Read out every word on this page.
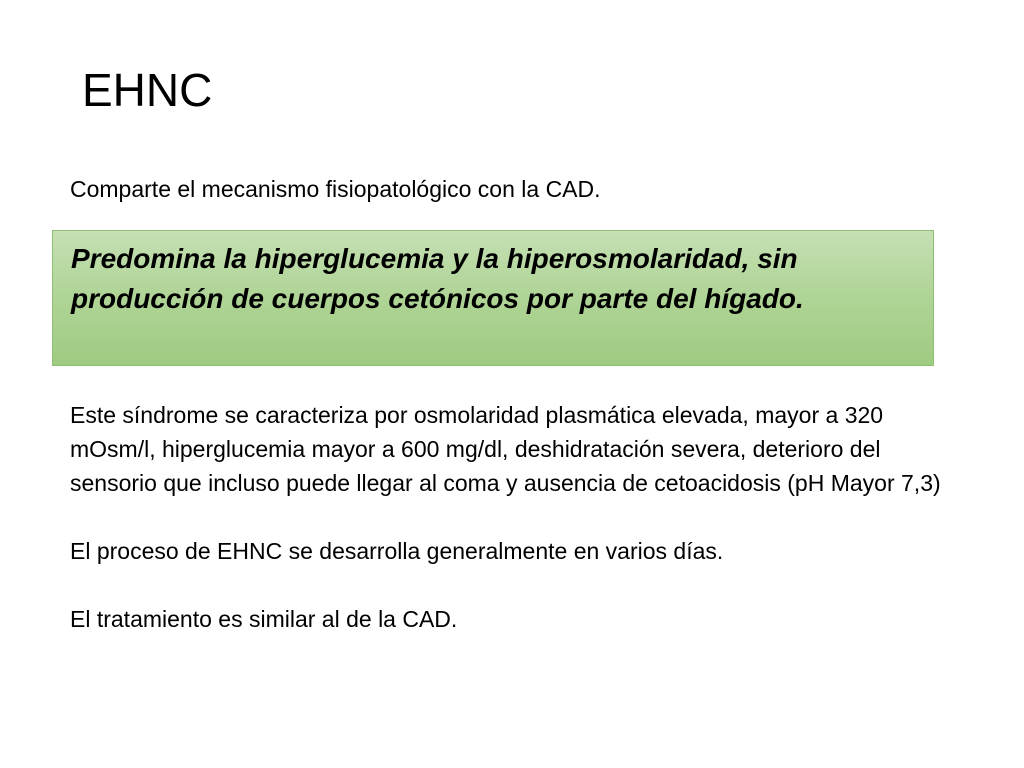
EHNC

Comparte el mecanismo fisiopatológico con la CAD.

Predomina la hiperglucemia y la hiperosmolaridad, sin producción de cuerpos cetónicos por parte del hígado.

Este síndrome se caracteriza por osmolaridad plasmática elevada, mayor a 320 mOsm/l, hiperglucemia mayor a 600 mg/dl, deshidratación severa, deterioro del sensorio que incluso puede llegar al coma y ausencia de cetoacidosis (pH Mayor 7,3)

El proceso de EHNC se desarrolla generalmente en varios días.

El tratamiento es similar al de la CAD.
